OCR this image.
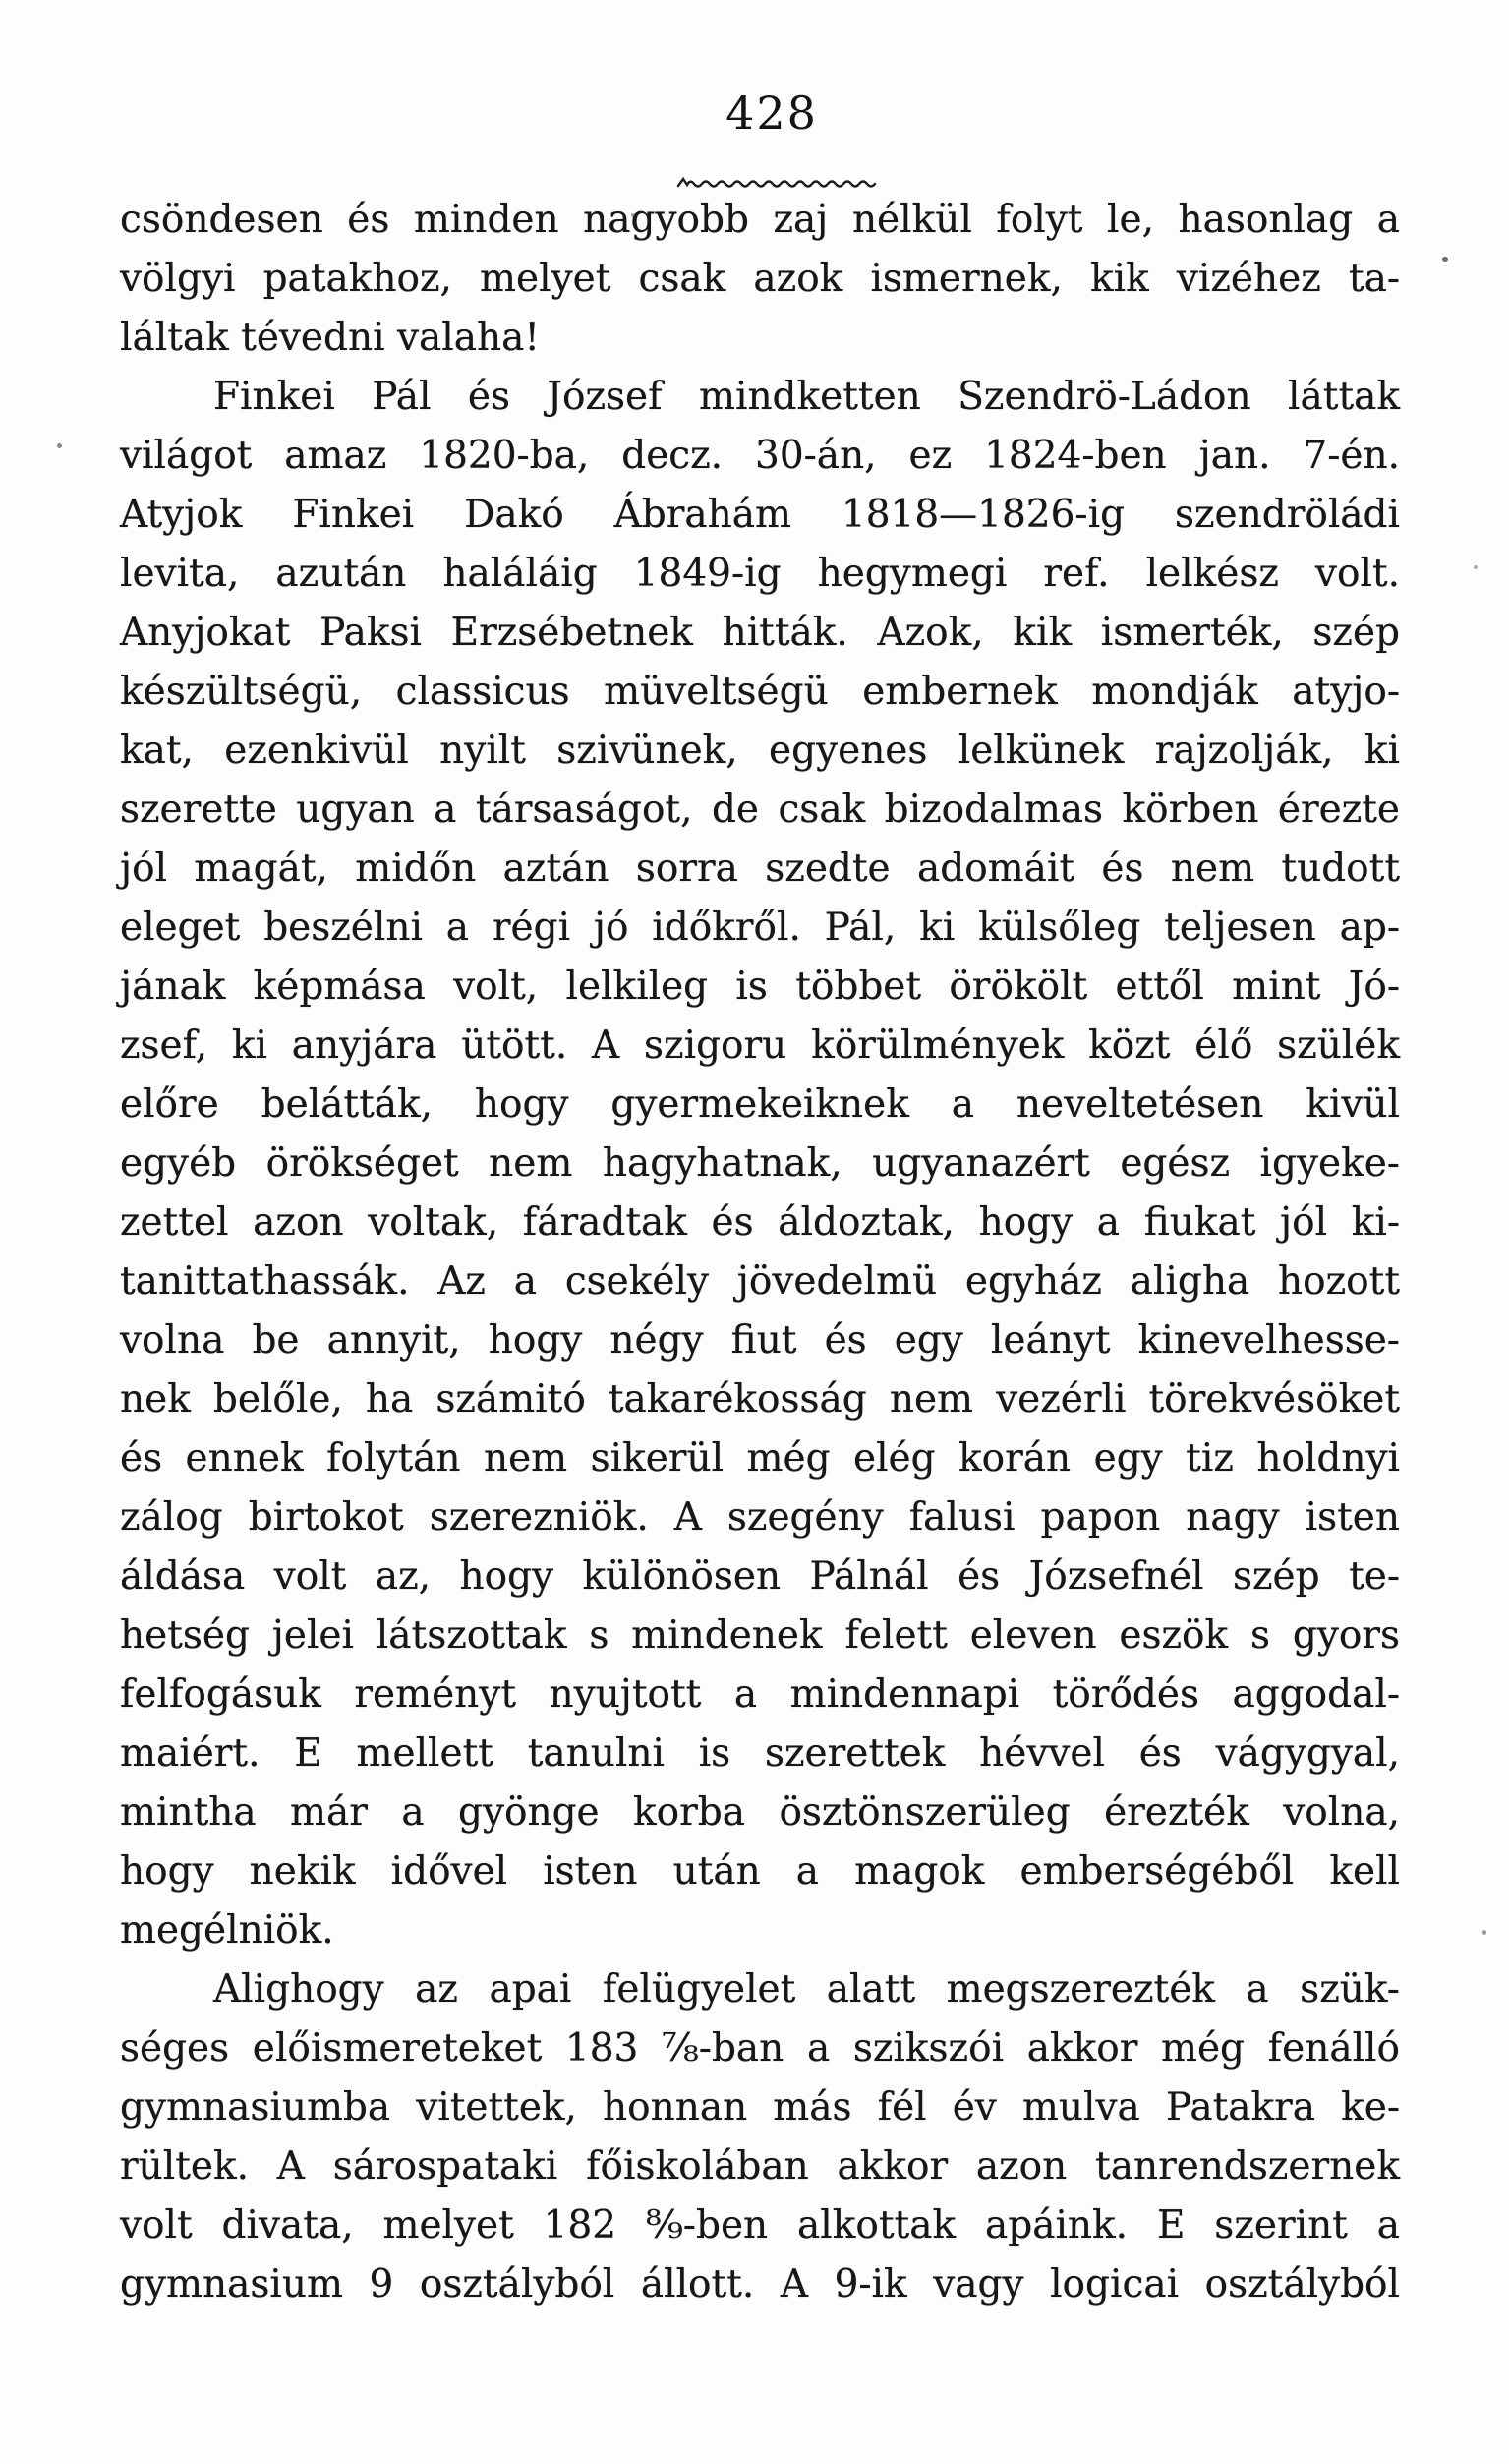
428
csöndesen és minden nagyobb zaj nélkül folyt le, hasonlag a
völgyi patakhoz, melyet csak azok ismernek, kik vizéhez ta-
láltak tévedni valaha!
Finkei Pál és József mindketten Szendrö-Ládon láttak
világot amaz 1820-ba, decz. 30-án, ez 1824-ben jan. 7-én.
Atyjok Finkei Dakó Ábrahám 1818—1826-ig szendröládi
levita, azután haláláig 1849-ig hegymegi ref. lelkész volt.
Anyjokat Paksi Erzsébetnek hitták. Azok, kik ismerték, szép
készültségü, classicus müveltségü embernek mondják atyjo-
kat, ezenkivül nyilt szivünek, egyenes lelkünek rajzolják, ki
szerette ugyan a társaságot, de csak bizodalmas körben érezte
jól magát, midőn aztán sorra szedte adomáit és nem tudott
eleget beszélni a régi jó időkről. Pál, ki külsőleg teljesen ap-
jának képmása volt, lelkileg is többet örökölt ettől mint Jó-
zsef, ki anyjára ütött. A szigoru körülmények közt élő szülék
előre belátták, hogy gyermekeiknek a neveltetésen kivül
egyéb örökséget nem hagyhatnak, ugyanazért egész igyeke-
zettel azon voltak, fáradtak és áldoztak, hogy a fiukat jól ki-
tanittathassák. Az a csekély jövedelmü egyház aligha hozott
volna be annyit, hogy négy fiut és egy leányt kinevelhesse-
nek belőle, ha számitó takarékosság nem vezérli törekvésöket
és ennek folytán nem sikerül még elég korán egy tiz holdnyi
zálog birtokot szerezniök. A szegény falusi papon nagy isten
áldása volt az, hogy különösen Pálnál és Józsefnél szép te-
hetség jelei látszottak s mindenek felett eleven eszök s gyors
felfogásuk reményt nyujtott a mindennapi törődés aggodal-
maiért. E mellett tanulni is szerettek hévvel és vágygyal,
mintha már a gyönge korba ösztönszerüleg érezték volna,
hogy nekik idővel isten után a magok emberségéből kell
megélniök.
Alighogy az apai felügyelet alatt megszerezték a szük-
séges előismereteket 183 ⁷⁄₈-ban a szikszói akkor még fenálló
gymnasiumba vitettek, honnan más fél év mulva Patakra ke-
rültek. A sárospataki főiskolában akkor azon tanrendszernek
volt divata, melyet 182 ⁸⁄₉-ben alkottak apáink. E szerint a
gymnasium 9 osztályból állott. A 9-ik vagy logicai osztályból
